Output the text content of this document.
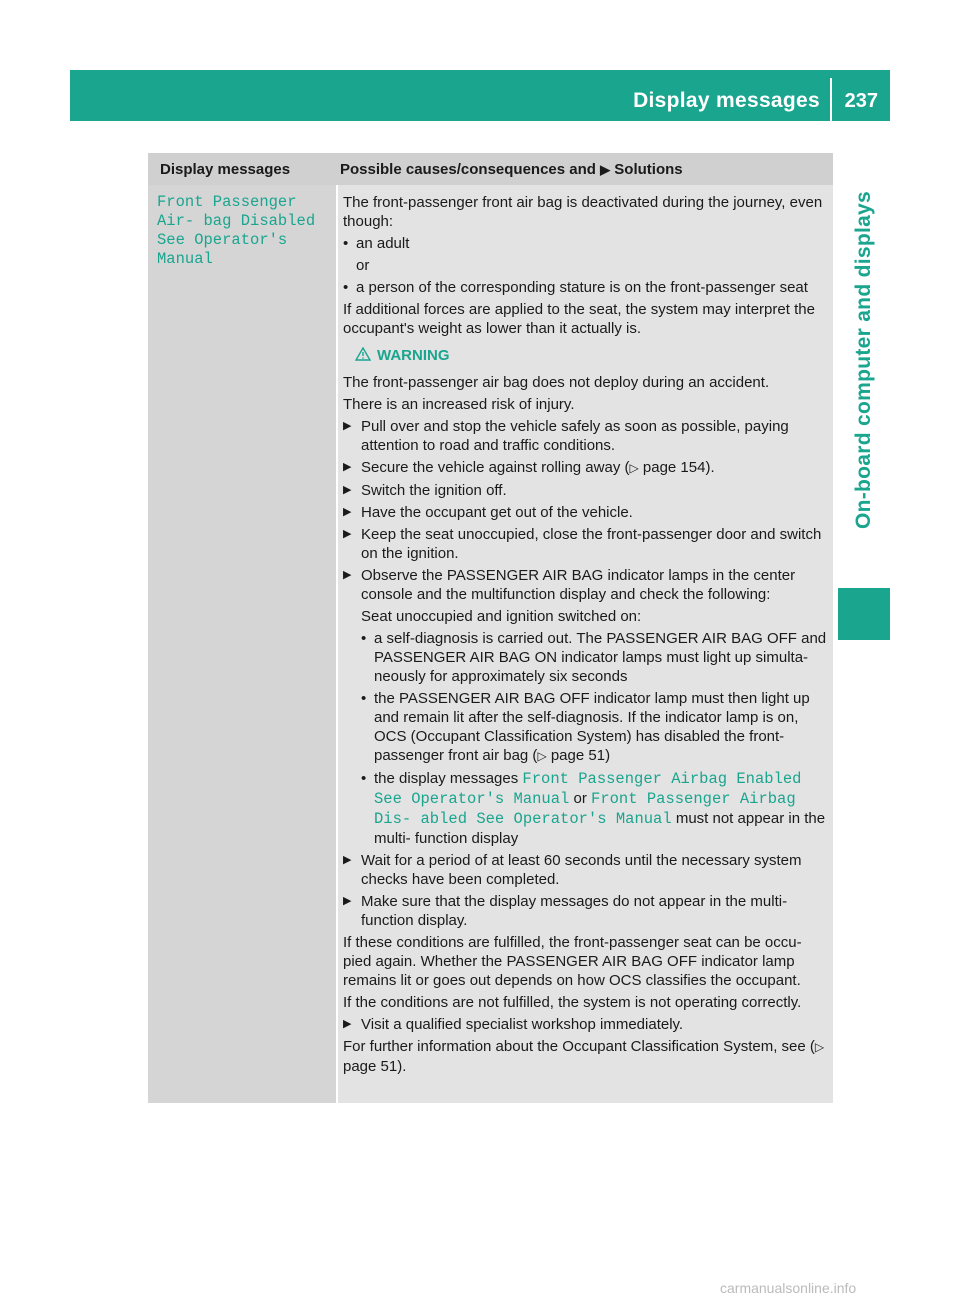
Display messages 237
On-board computer and displays
Display messages	Possible causes/consequences and ▶ Solutions
Front Passenger Air‐ bag Disabled See Operator's Manual

The front-passenger front air bag is deactivated during the journey, even though:

• an adult
or
• a person of the corresponding stature is on the front-passenger seat

If additional forces are applied to the seat, the system may interpret the occupant's weight as lower than it actually is.

WARNING

The front-passenger air bag does not deploy during an accident.

There is an increased risk of injury.

▶ Pull over and stop the vehicle safely as soon as possible, paying attention to road and traffic conditions.
▶ Secure the vehicle against rolling away (▷ page 154).
▶ Switch the ignition off.
▶ Have the occupant get out of the vehicle.
▶ Keep the seat unoccupied, close the front-passenger door and switch on the ignition.
▶ Observe the PASSENGER AIR BAG indicator lamps in the center console and the multifunction display and check the following:
Seat unoccupied and ignition switched on:
• a self-diagnosis is carried out. The PASSENGER AIR BAG OFF and PASSENGER AIR BAG ON indicator lamps must light up simulta- neously for approximately six seconds
• the PASSENGER AIR BAG OFF indicator lamp must then light up and remain lit after the self-diagnosis. If the indicator lamp is on, OCS (Occupant Classification System) has disabled the front- passenger front air bag (▷ page 51)
• the display messages Front Passenger Airbag Enabled See Operator's Manual or Front Passenger Airbag Dis‐ abled See Operator's Manual must not appear in the multi- function display
▶ Wait for a period of at least 60 seconds until the necessary system checks have been completed.
▶ Make sure that the display messages do not appear in the multi- function display.

If these conditions are fulfilled, the front-passenger seat can be occu- pied again. Whether the PASSENGER AIR BAG OFF indicator lamp remains lit or goes out depends on how OCS classifies the occupant.

If the conditions are not fulfilled, the system is not operating correctly.

▶ Visit a qualified specialist workshop immediately.

For further information about the Occupant Classification System, see (▷ page 51).

carmanualsonline.info
